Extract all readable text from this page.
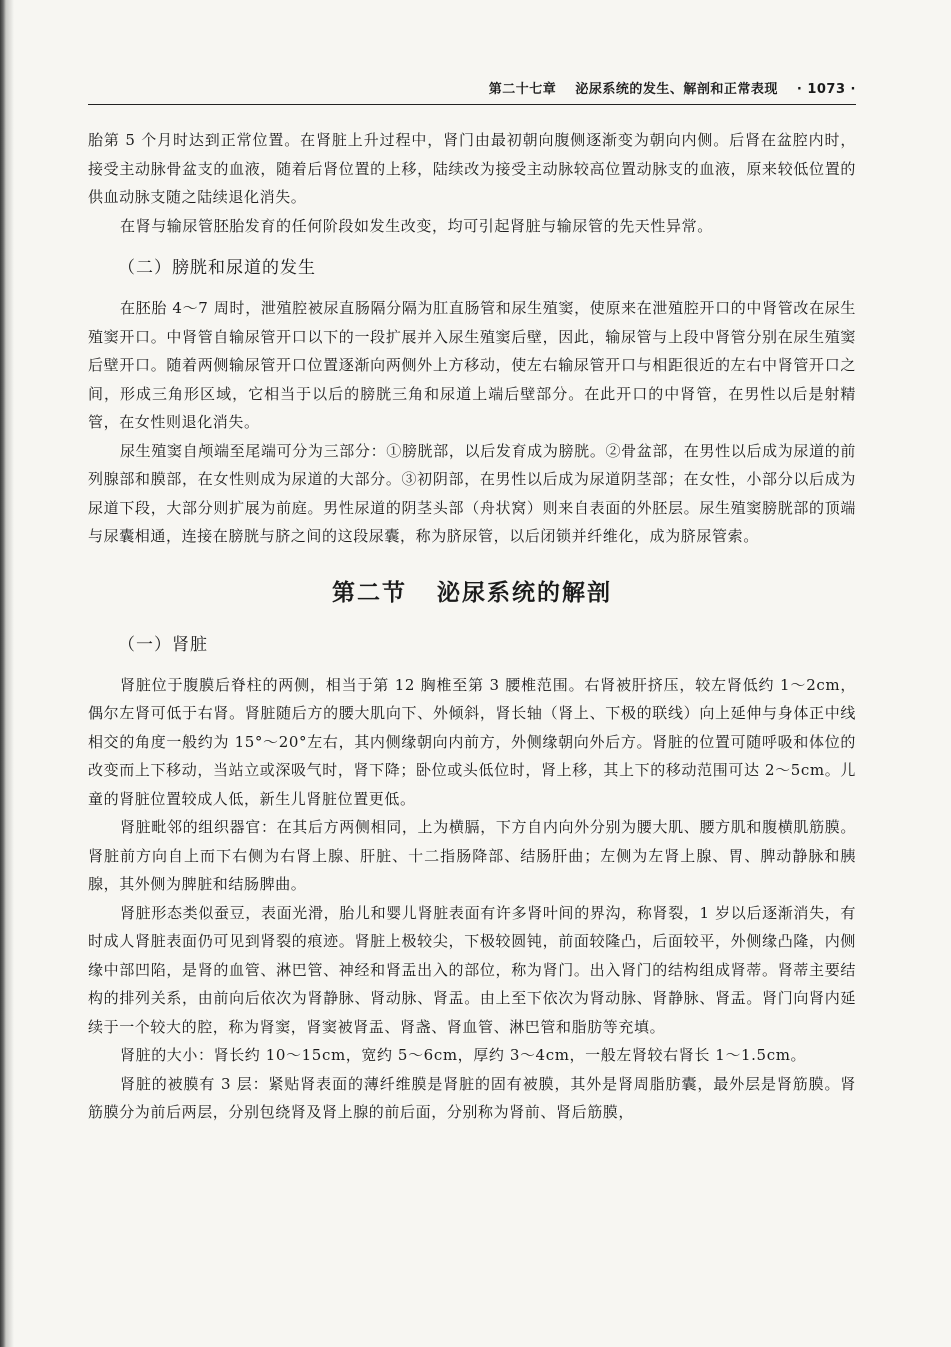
第二十七章 泌尿系统的发生、解剖和正常表现 · 1073 ·

胎第 5 个月时达到正常位置。在肾脏上升过程中，肾门由最初朝向腹侧逐渐变为朝向内侧。后肾在盆腔内时，接受主动脉骨盆支的血液，随着后肾位置的上移，陆续改为接受主动脉较高位置动脉支的血液，原来较低位置的供血动脉支随之陆续退化消失。

在肾与输尿管胚胎发育的任何阶段如发生改变，均可引起肾脏与输尿管的先天性异常。

（二）膀胱和尿道的发生

在胚胎 4～7 周时，泄殖腔被尿直肠隔分隔为肛直肠管和尿生殖窦，使原来在泄殖腔开口的中肾管改在尿生殖窦开口。中肾管自输尿管开口以下的一段扩展并入尿生殖窦后壁，因此，输尿管与上段中肾管分别在尿生殖窦后壁开口。随着两侧输尿管开口位置逐渐向两侧外上方移动，使左右输尿管开口与相距很近的左右中肾管开口之间，形成三角形区域，它相当于以后的膀胱三角和尿道上端后壁部分。在此开口的中肾管，在男性以后是射精管，在女性则退化消失。

尿生殖窦自颅端至尾端可分为三部分：①膀胱部，以后发育成为膀胱。②骨盆部，在男性以后成为尿道的前列腺部和膜部，在女性则成为尿道的大部分。③初阴部，在男性以后成为尿道阴茎部；在女性，小部分以后成为尿道下段，大部分则扩展为前庭。男性尿道的阴茎头部（舟状窝）则来自表面的外胚层。尿生殖窦膀胱部的顶端与尿囊相通，连接在膀胱与脐之间的这段尿囊，称为脐尿管，以后闭锁并纤维化，成为脐尿管索。

第二节 泌尿系统的解剖
（一）肾脏

肾脏位于腹膜后脊柱的两侧，相当于第 12 胸椎至第 3 腰椎范围。右肾被肝挤压，较左肾低约 1～2cm，偶尔左肾可低于右肾。肾脏随后方的腰大肌向下、外倾斜，肾长轴（肾上、下极的联线）向上延伸与身体正中线相交的角度一般约为 15°～20°左右，其内侧缘朝向内前方，外侧缘朝向外后方。肾脏的位置可随呼吸和体位的改变而上下移动，当站立或深吸气时，肾下降；卧位或头低位时，肾上移，其上下的移动范围可达 2～5cm。儿童的肾脏位置较成人低，新生儿肾脏位置更低。

肾脏毗邻的组织器官：在其后方两侧相同，上为横膈，下方自内向外分别为腰大肌、腰方肌和腹横肌筋膜。肾脏前方向自上而下右侧为右肾上腺、肝脏、十二指肠降部、结肠肝曲；左侧为左肾上腺、胃、脾动静脉和胰腺，其外侧为脾脏和结肠脾曲。

肾脏形态类似蚕豆，表面光滑，胎儿和婴儿肾脏表面有许多肾叶间的界沟，称肾裂，1 岁以后逐渐消失，有时成人肾脏表面仍可见到肾裂的痕迹。肾脏上极较尖，下极较圆钝，前面较隆凸，后面较平，外侧缘凸隆，内侧缘中部凹陷，是肾的血管、淋巴管、神经和肾盂出入的部位，称为肾门。出入肾门的结构组成肾蒂。肾蒂主要结构的排列关系，由前向后依次为肾静脉、肾动脉、肾盂。由上至下依次为肾动脉、肾静脉、肾盂。肾门向肾内延续于一个较大的腔，称为肾窦，肾窦被肾盂、肾盏、肾血管、淋巴管和脂肪等充填。

肾脏的大小：肾长约 10～15cm，宽约 5～6cm，厚约 3～4cm，一般左肾较右肾长 1～1.5cm。

肾脏的被膜有 3 层：紧贴肾表面的薄纤维膜是肾脏的固有被膜，其外是肾周脂肪囊，最外层是肾筋膜。肾筋膜分为前后两层，分别包绕肾及肾上腺的前后面，分别称为肾前、肾后筋膜，
